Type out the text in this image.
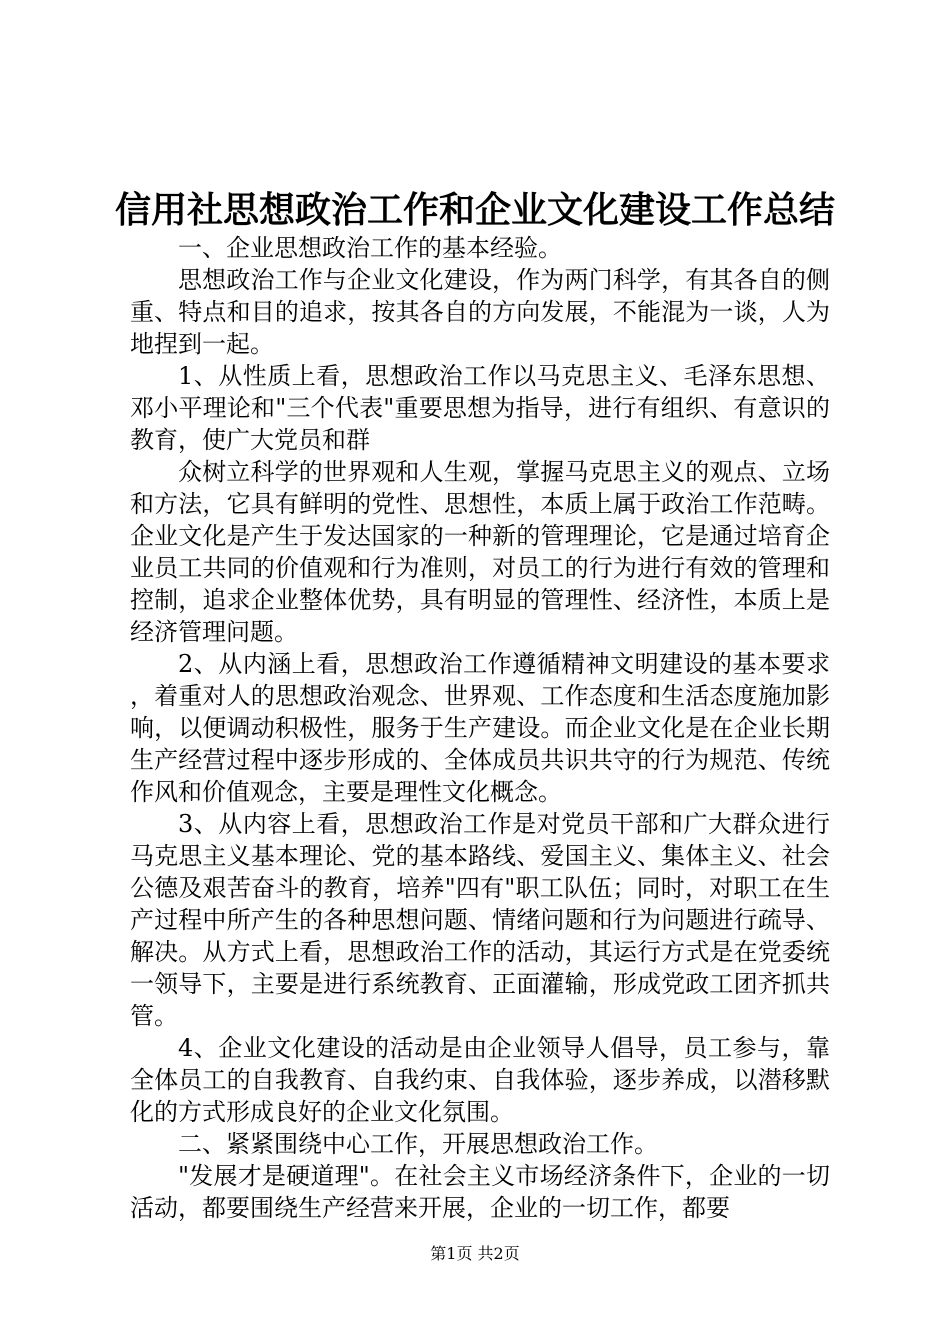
信用社思想政治工作和企业文化建设工作总结

一、企业思想政治工作的基本经验。

思想政治工作与企业文化建设，作为两门科学，有其各自的侧重、特点和目的追求，按其各自的方向发展，不能混为一谈，人为地捏到一起。

1、从性质上看，思想政治工作以马克思主义、毛泽东思想、邓小平理论和"三个代表"重要思想为指导，进行有组织、有意识的教育，使广大党员和群

众树立科学的世界观和人生观，掌握马克思主义的观点、立场和方法，它具有鲜明的党性、思想性，本质上属于政治工作范畴。企业文化是产生于发达国家的一种新的管理理论，它是通过培育企业员工共同的价值观和行为准则，对员工的行为进行有效的管理和控制，追求企业整体优势，具有明显的管理性、经济性，本质上是经济管理问题。

2、从内涵上看，思想政治工作遵循精神文明建设的基本要求，着重对人的思想政治观念、世界观、工作态度和生活态度施加影响，以便调动积极性，服务于生产建设。而企业文化是在企业长期生产经营过程中逐步形成的、全体成员共识共守的行为规范、传统作风和价值观念，主要是理性文化概念。

3、从内容上看，思想政治工作是对党员干部和广大群众进行马克思主义基本理论、党的基本路线、爱国主义、集体主义、社会公德及艰苦奋斗的教育，培养"四有"职工队伍；同时，对职工在生产过程中所产生的各种思想问题、情绪问题和行为问题进行疏导、解决。从方式上看，思想政治工作的活动，其运行方式是在党委统一领导下，主要是进行系统教育、正面灌输，形成党政工团齐抓共管。

4、企业文化建设的活动是由企业领导人倡导，员工参与，靠全体员工的自我教育、自我约束、自我体验，逐步养成，以潜移默化的方式形成良好的企业文化氛围。

二、紧紧围绕中心工作，开展思想政治工作。

"发展才是硬道理"。在社会主义市场经济条件下，企业的一切活动，都要围绕生产经营来开展，企业的一切工作，都要

第1页 共2页
